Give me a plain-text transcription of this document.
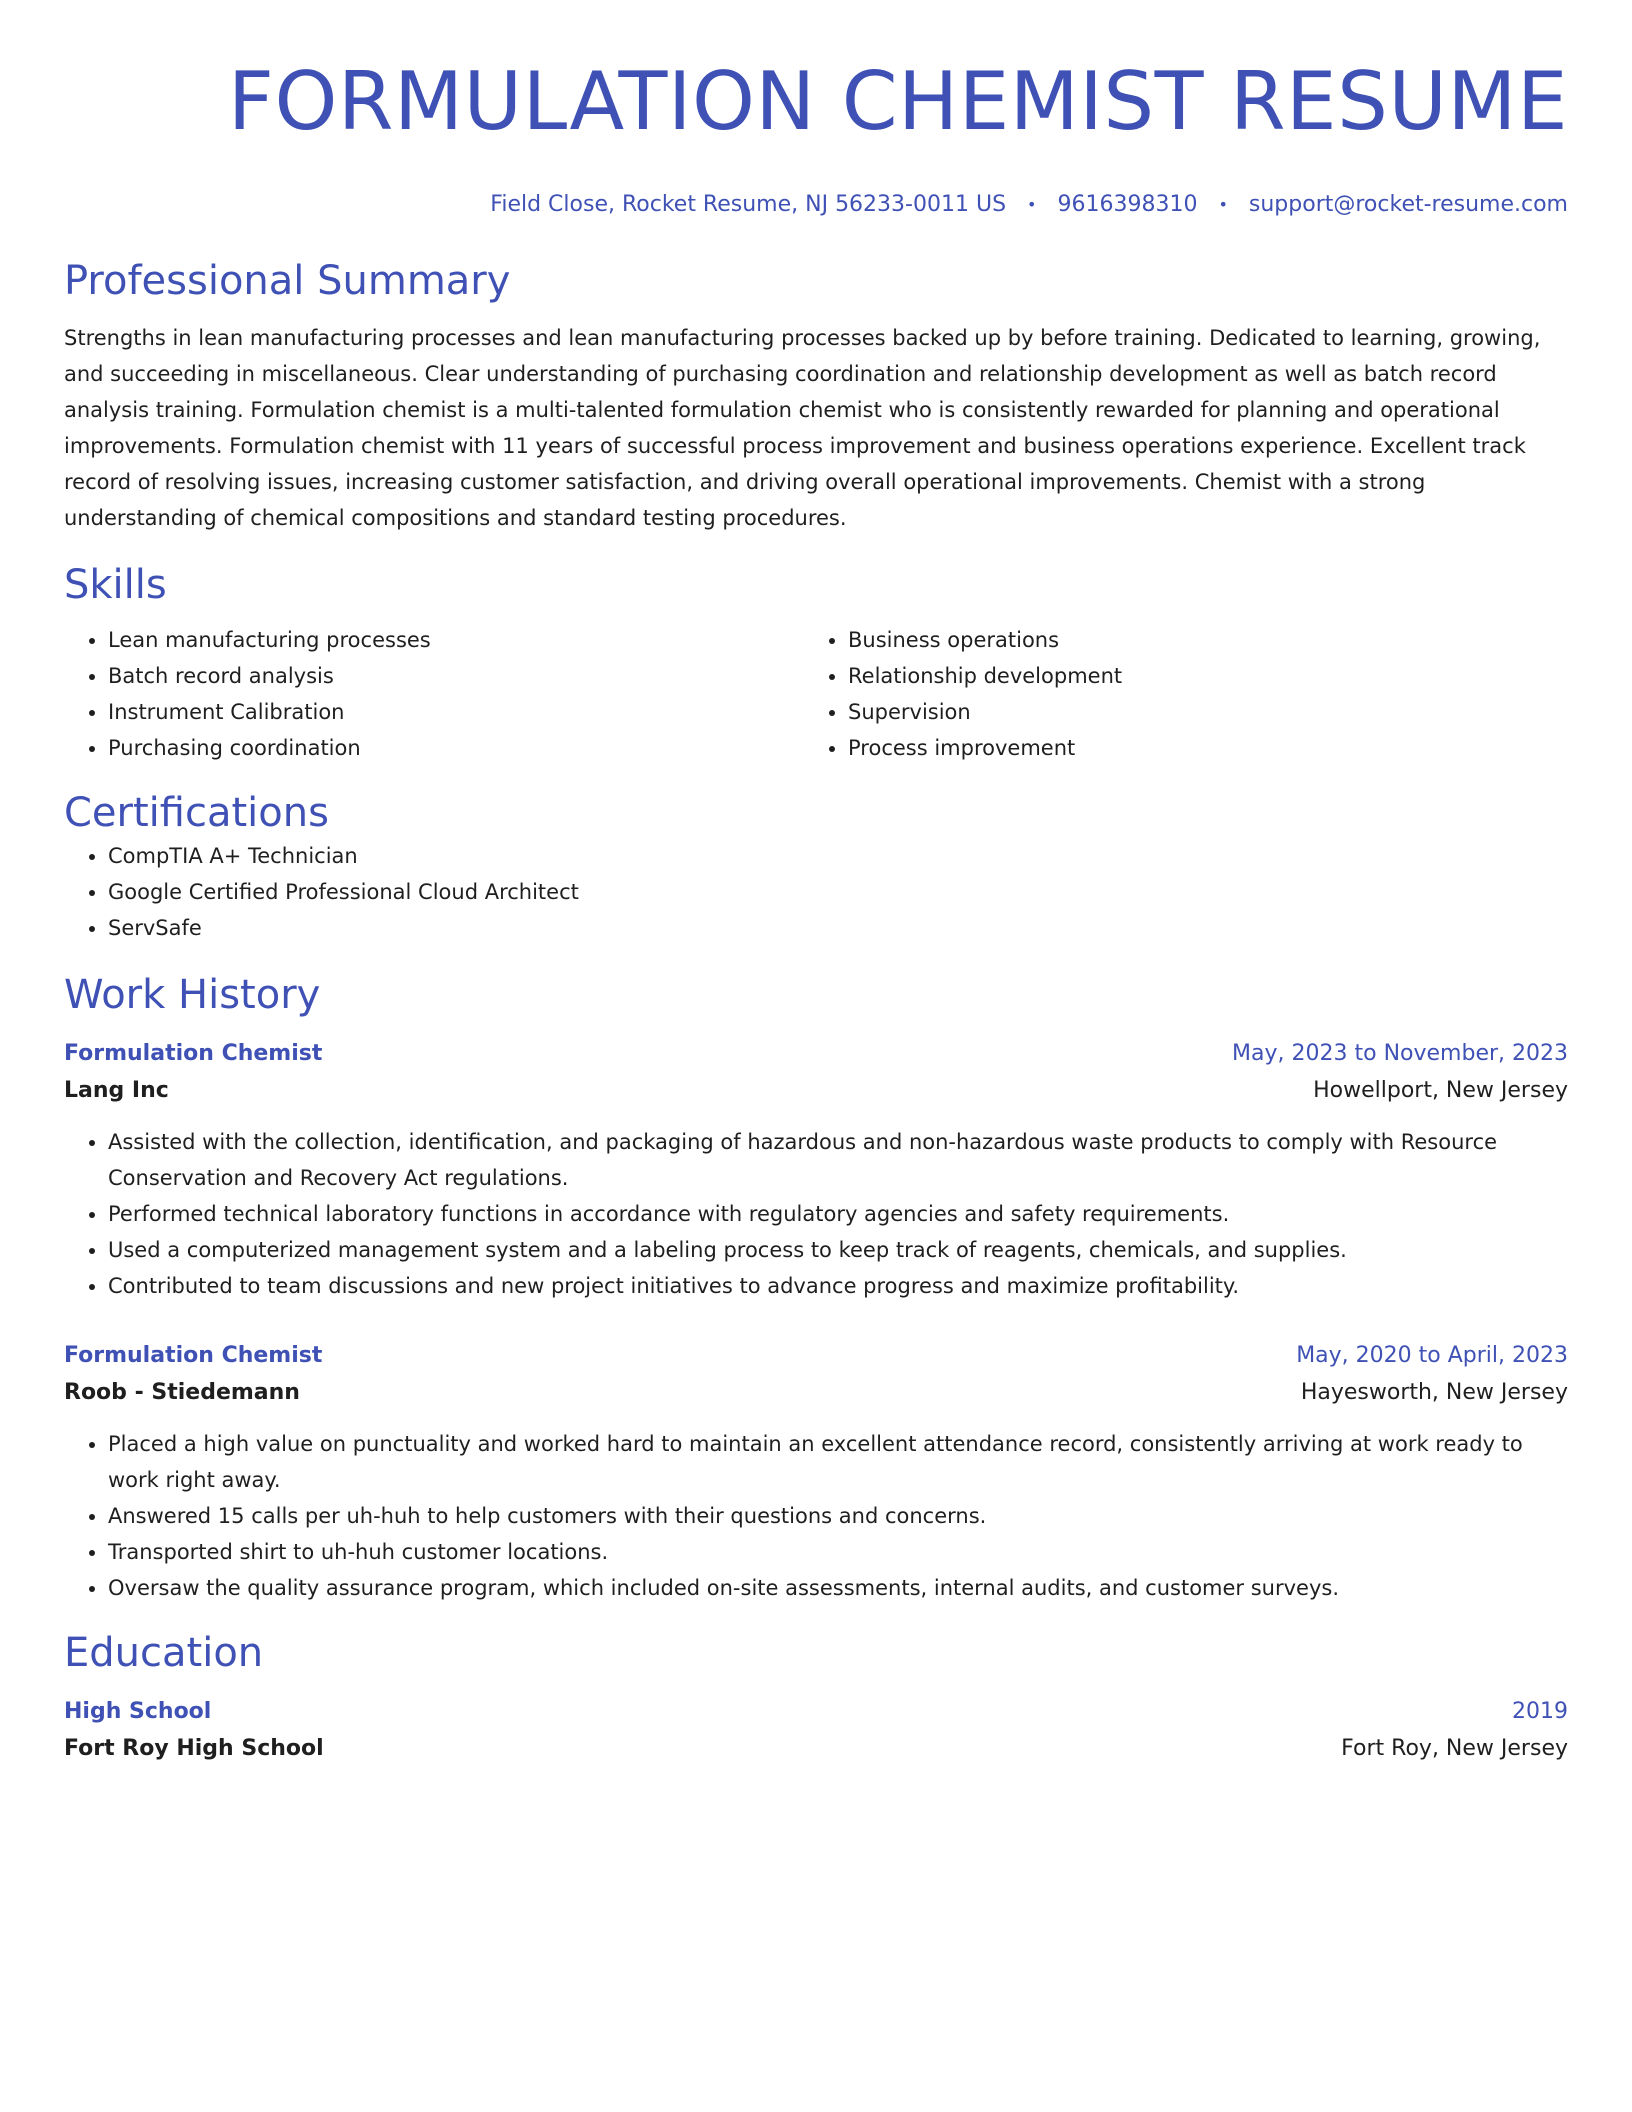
FORMULATION CHEMIST RESUME
Field Close, Rocket Resume, NJ 56233-0011 US • 9616398310 • support@rocket-resume.com
Professional Summary
Strengths in lean manufacturing processes and lean manufacturing processes backed up by before training. Dedicated to learning, growing, and succeeding in miscellaneous. Clear understanding of purchasing coordination and relationship development as well as batch record analysis training. Formulation chemist is a multi-talented formulation chemist who is consistently rewarded for planning and operational improvements. Formulation chemist with 11 years of successful process improvement and business operations experience. Excellent track record of resolving issues, increasing customer satisfaction, and driving overall operational improvements. Chemist with a strong understanding of chemical compositions and standard testing procedures.
Skills
• Lean manufacturing processes
• Batch record analysis
• Instrument Calibration
• Purchasing coordination
• Business operations
• Relationship development
• Supervision
• Process improvement
Certifications
• CompTIA A+ Technician
• Google Certified Professional Cloud Architect
• ServSafe
Work History
Formulation Chemist	May, 2023 to November, 2023
Lang Inc	Howellport, New Jersey
• Assisted with the collection, identification, and packaging of hazardous and non-hazardous waste products to comply with Resource Conservation and Recovery Act regulations.
• Performed technical laboratory functions in accordance with regulatory agencies and safety requirements.
• Used a computerized management system and a labeling process to keep track of reagents, chemicals, and supplies.
• Contributed to team discussions and new project initiatives to advance progress and maximize profitability.
Formulation Chemist	May, 2020 to April, 2023
Roob - Stiedemann	Hayesworth, New Jersey
• Placed a high value on punctuality and worked hard to maintain an excellent attendance record, consistently arriving at work ready to work right away.
• Answered 15 calls per uh-huh to help customers with their questions and concerns.
• Transported shirt to uh-huh customer locations.
• Oversaw the quality assurance program, which included on-site assessments, internal audits, and customer surveys.
Education
High School	2019
Fort Roy High School	Fort Roy, New Jersey
